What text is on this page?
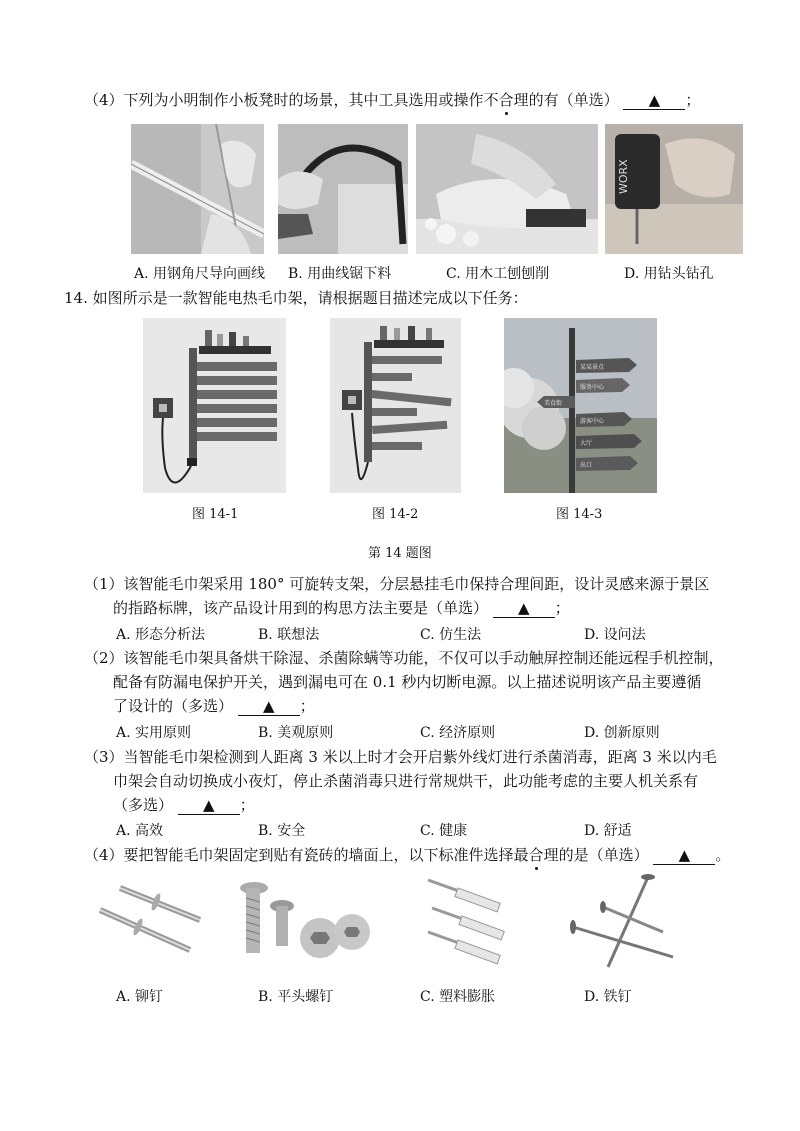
（4）下列为小明制作小板凳时的场景，其中工具选用或操作不合理的有（单选） ▲ ；
WORX
A. 用钢角尺导向画线 B. 用曲线锯下料	C. 用木工刨刨削	D. 用钻头钻孔
14. 如图所示是一款智能电热毛巾架，请根据题目描述完成以下任务：
某某景点
服务中心
美食街
游客中心
大厅
出口
图 14-1	图 14-2	图 14-3
第 14 题图
（1）该智能毛巾架采用 180° 可旋转支架，分层悬挂毛巾保持合理间距，设计灵感来源于景区
的指路标牌，该产品设计用到的构思方法主要是（单选） ▲ ；
A. 形态分析法	B. 联想法	C. 仿生法	D. 设问法
（2）该智能毛巾架具备烘干除湿、杀菌除螨等功能，不仅可以手动触屏控制还能远程手机控制，
配备有防漏电保护开关，遇到漏电可在 0.1 秒内切断电源。以上描述说明该产品主要遵循
了设计的（多选） ▲ ；
A. 实用原则	B. 美观原则	C. 经济原则	D. 创新原则
（3）当智能毛巾架检测到人距离 3 米以上时才会开启紫外线灯进行杀菌消毒，距离 3 米以内毛
巾架会自动切换成小夜灯，停止杀菌消毒只进行常规烘干，此功能考虑的主要人机关系有
（多选） ▲ ；
A. 高效	B. 安全	C. 健康	D. 舒适
（4）要把智能毛巾架固定到贴有瓷砖的墙面上，以下标准件选择最合理的是（单选） ▲ 。
A. 铆钉	B. 平头螺钉	C. 塑料膨胀	D. 铁钉
